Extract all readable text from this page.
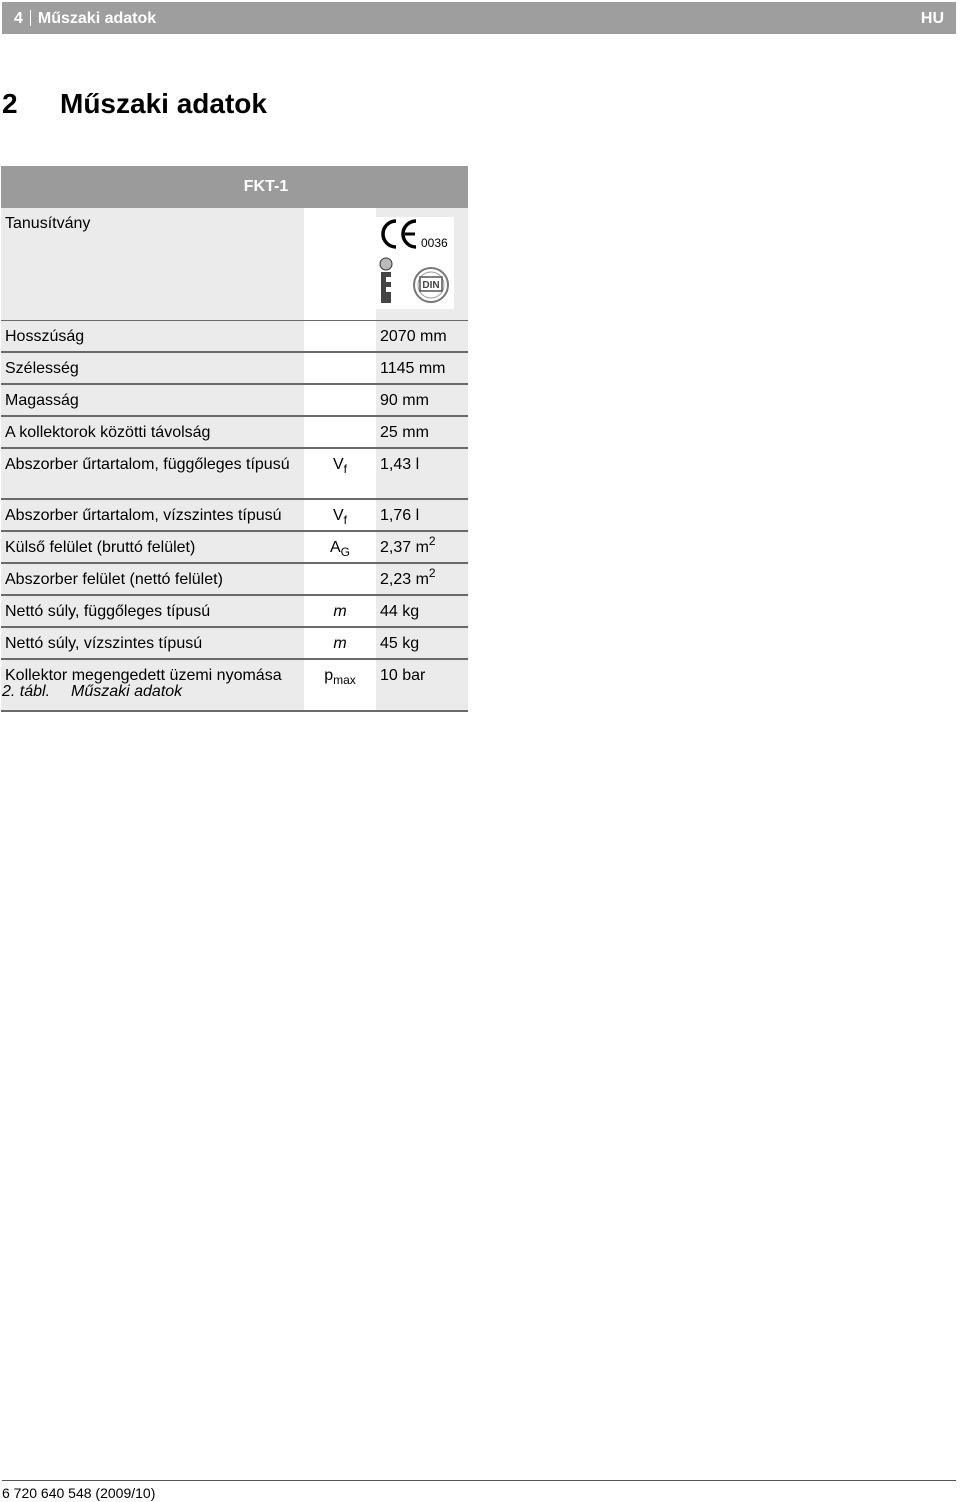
4 Műszaki adatok	HU
2 Műszaki adatok
	FKT-1	
Tanusítvány		0036
DIN
Hosszúság		2070 mm
Szélesség		1145 mm
Magasság		90 mm
A kollektorok közötti távolság		25 mm
Abszorber űrtartalom, függőleges típusú	$V_f$	1,43 l
Abszorber űrtartalom, vízszintes típusú	$V_f$	1,76 l
Külső felület (bruttó felület)	$A_G$	2,37 $m^2$
Abszorber felület (nettó felület)		2,23 $m^2$
Nettó súly, függőleges típusú	m	44 kg
Nettó súly, vízszintes típusú	m	45 kg
Kollektor megengedett üzemi nyomása	$p_{max}$	10 bar
2. tábl. Műszaki adatok
6 720 640 548 (2009/10)
